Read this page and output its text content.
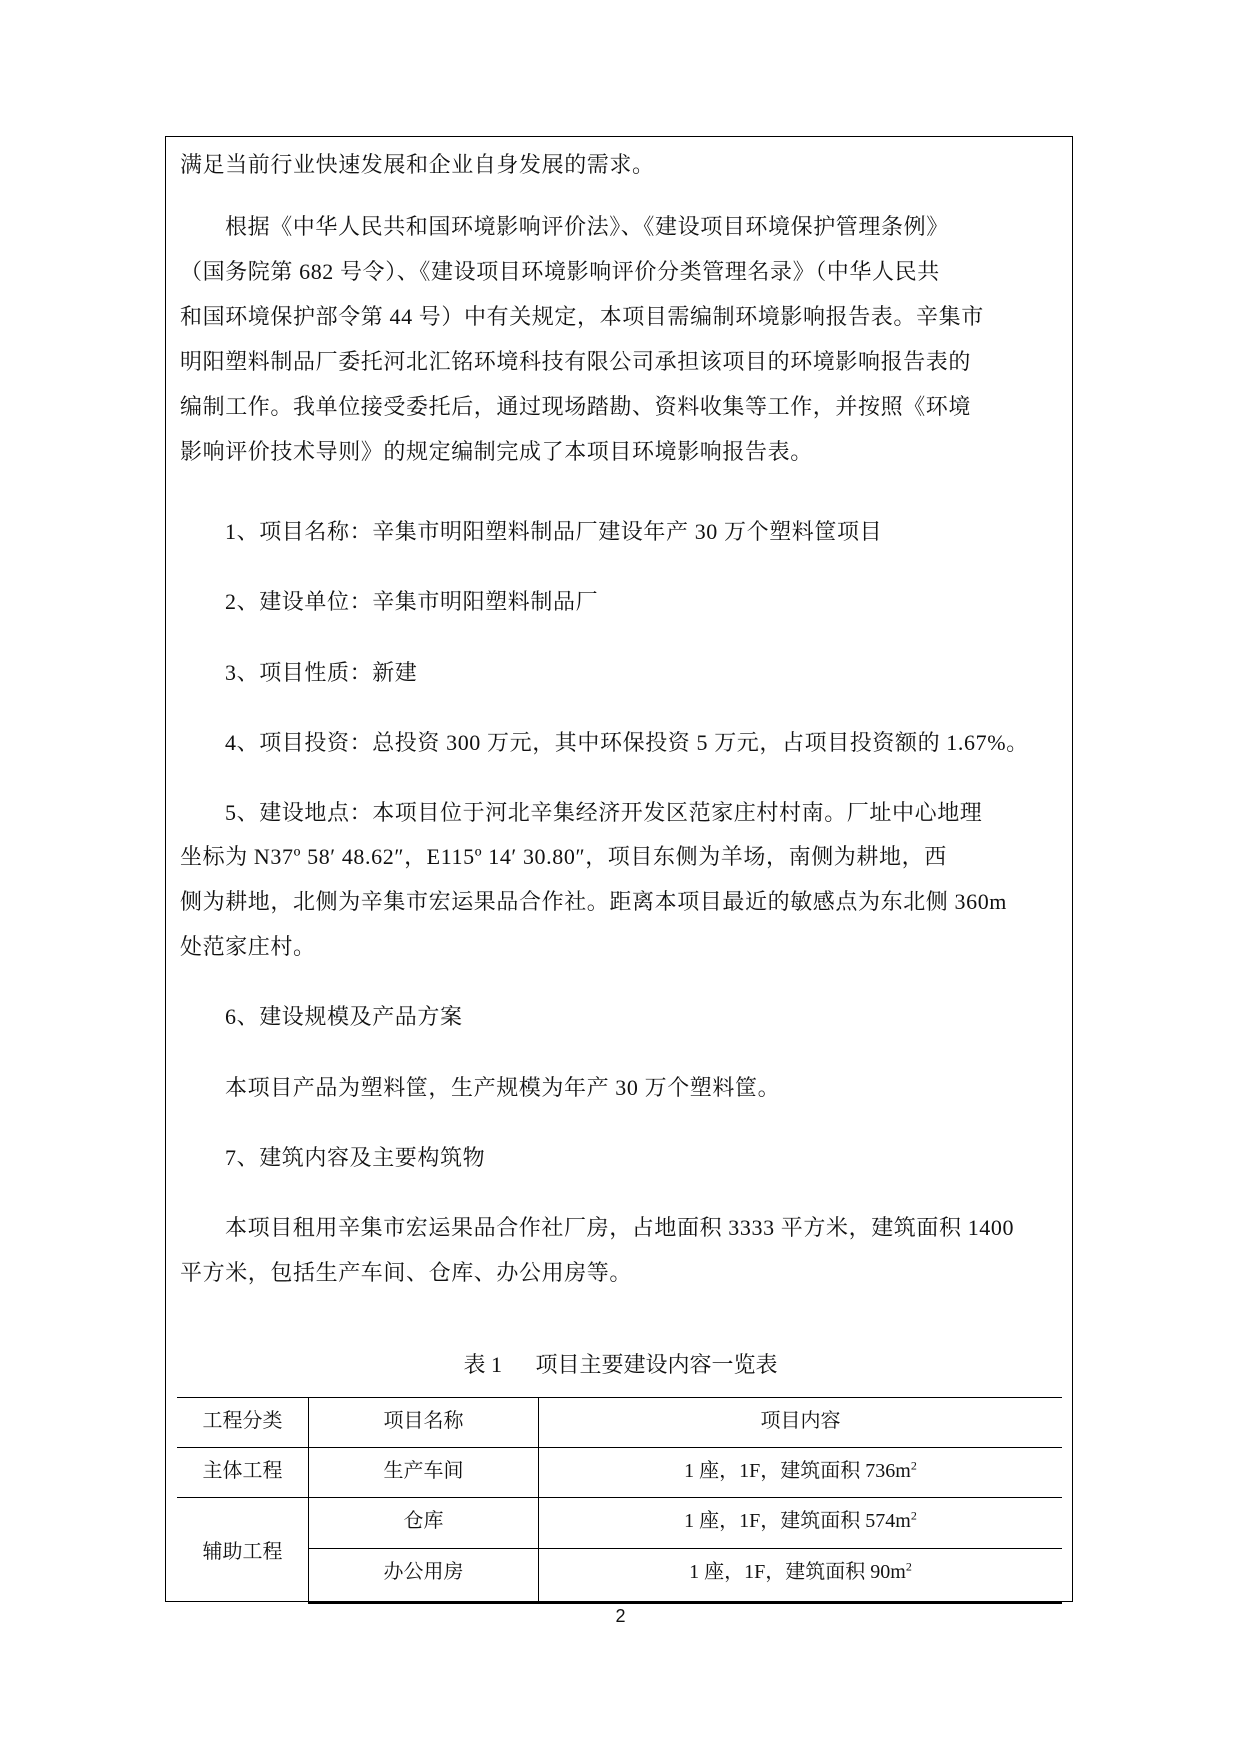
满足当前行业快速发展和企业自身发展的需求。
根据《中华人民共和国环境影响评价法》、《建设项目环境保护管理条例》
（国务院第 682 号令）、《建设项目环境影响评价分类管理名录》（中华人民共
和国环境保护部令第 44 号）中有关规定，本项目需编制环境影响报告表。辛集市
明阳塑料制品厂委托河北汇铭环境科技有限公司承担该项目的环境影响报告表的
编制工作。我单位接受委托后，通过现场踏勘、资料收集等工作，并按照《环境
影响评价技术导则》的规定编制完成了本项目环境影响报告表。
1、项目名称：辛集市明阳塑料制品厂建设年产 30 万个塑料筐项目
2、建设单位：辛集市明阳塑料制品厂
3、项目性质：新建
4、项目投资：总投资 300 万元，其中环保投资 5 万元，占项目投资额的 1.67%。
5、建设地点：本项目位于河北辛集经济开发区范家庄村村南。厂址中心地理
坐标为 N37º 58′ 48.62″，E115º 14′ 30.80″，项目东侧为羊场，南侧为耕地，西
侧为耕地，北侧为辛集市宏运果品合作社。距离本项目最近的敏感点为东北侧 360m
处范家庄村。
6、建设规模及产品方案
本项目产品为塑料筐，生产规模为年产 30 万个塑料筐。
7、建筑内容及主要构筑物
本项目租用辛集市宏运果品合作社厂房，占地面积 3333 平方米，建筑面积 1400
平方米，包括生产车间、仓库、办公用房等。
表 1 项目主要建设内容一览表
工程分类	项目名称	项目内容
主体工程	生产车间	1 座，1F，建筑面积 $736m^2$
辅助工程	仓库	1 座，1F，建筑面积 $574m^2$
	办公用房	1 座，1F，建筑面积 $90m^2$
2
